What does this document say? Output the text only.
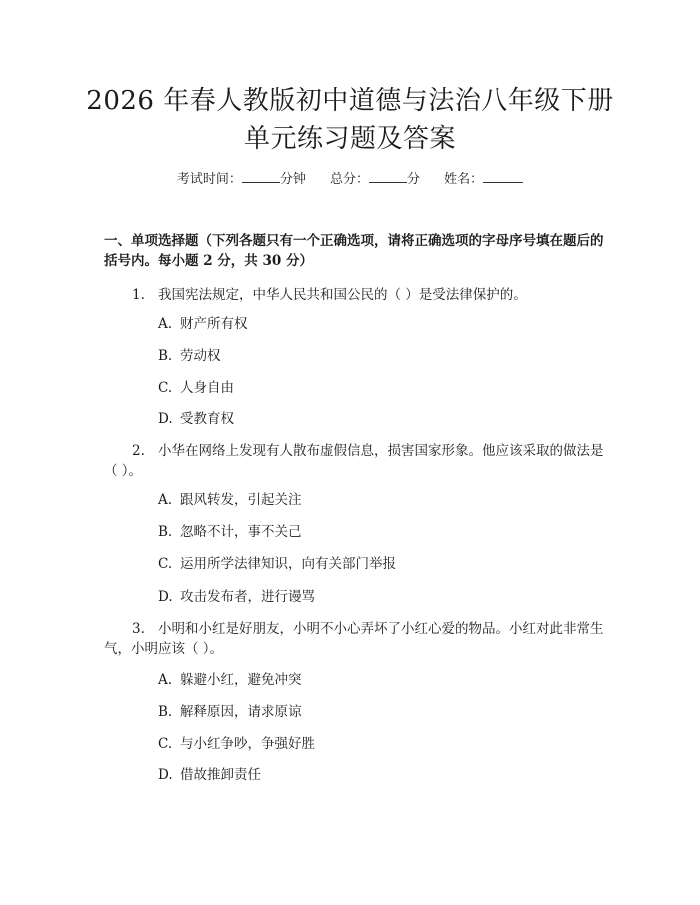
2026 年春人教版初中道德与法治八年级下册
单元练习题及答案
考试时间：	分钟 总分：	分 姓名：
一、单项选择题（下列各题只有一个正确选项，请将正确选项的字母序号填在题后的括号内。每小题 2 分，共 30 分）
1. 我国宪法规定，中华人民共和国公民的（ ）是受法律保护的。
A. 财产所有权
B. 劳动权
C. 人身自由
D. 受教育权
2. 小华在网络上发现有人散布虚假信息，损害国家形象。他应该采取的做法是（ ）。
A. 跟风转发，引起关注
B. 忽略不计，事不关己
C. 运用所学法律知识，向有关部门举报
D. 攻击发布者，进行谩骂
3. 小明和小红是好朋友，小明不小心弄坏了小红心爱的物品。小红对此非常生气，小明应该（ ）。
A. 躲避小红，避免冲突
B. 解释原因，请求原谅
C. 与小红争吵，争强好胜
D. 借故推卸责任
